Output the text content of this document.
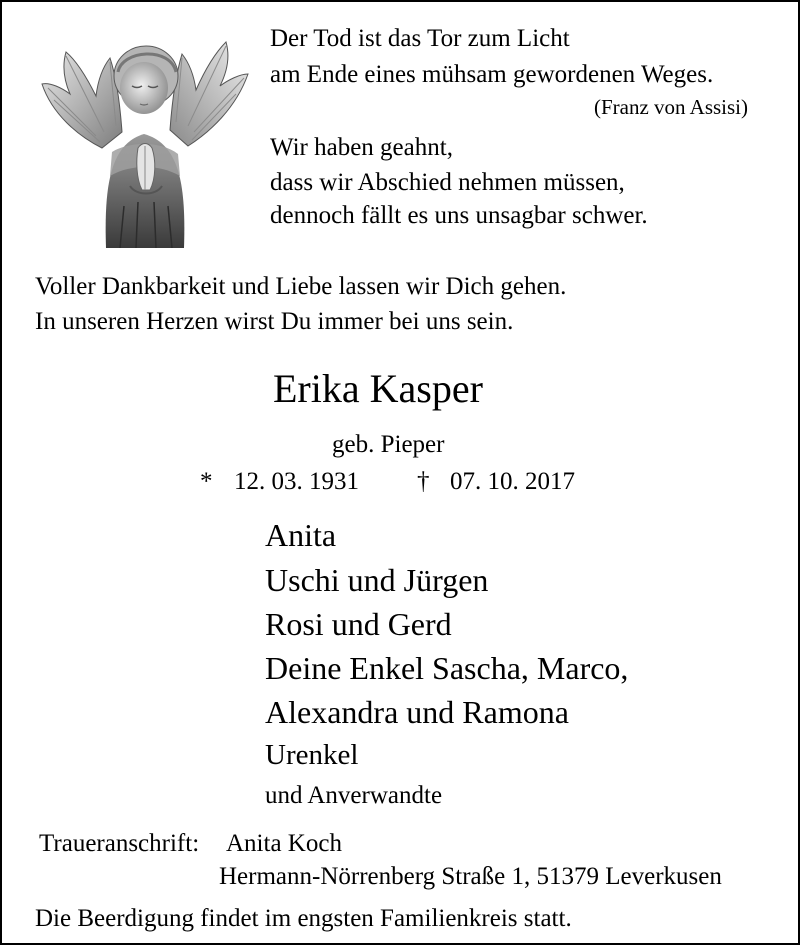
Der Tod ist das Tor zum Licht
am Ende eines mühsam gewordenen Weges.
(Franz von Assisi)
Wir haben geahnt,
dass wir Abschied nehmen müssen,
dennoch fällt es uns unsagbar schwer.
Voller Dankbarkeit und Liebe lassen wir Dich gehen.
In unseren Herzen wirst Du immer bei uns sein.
Erika Kasper
geb. Pieper
* 12. 03. 1931 † 07. 10. 2017
Anita
Uschi und Jürgen
Rosi und Gerd
Deine Enkel Sascha, Marco,
Alexandra und Ramona
Urenkel
und Anverwandte
Traueranschrift: Anita Koch
Hermann-Nörrenberg Straße 1, 51379 Leverkusen
Die Beerdigung findet im engsten Familienkreis statt.
